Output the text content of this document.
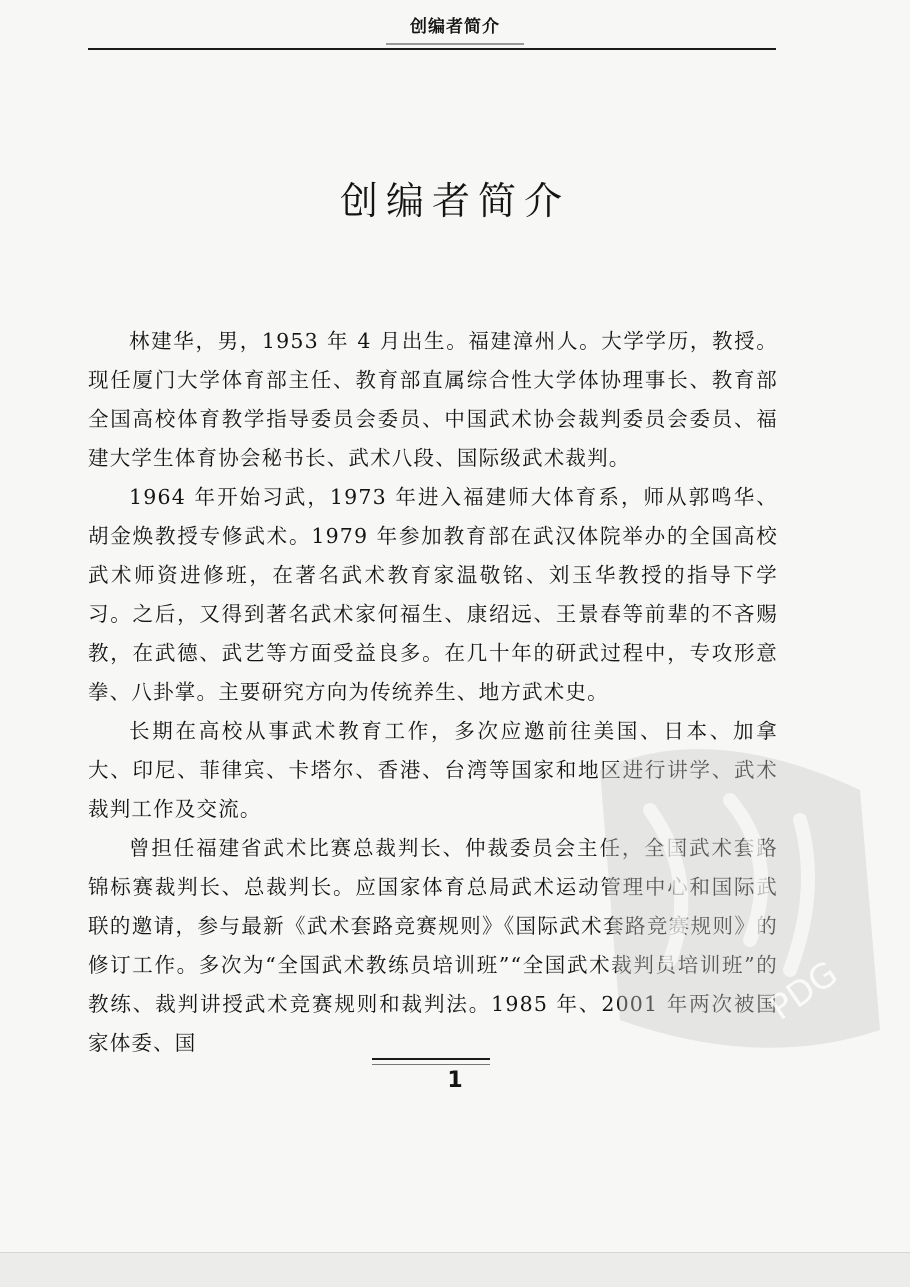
创编者简介
创编者简介

林建华，男，1953 年 4 月出生。福建漳州人。大学学历，教授。现任厦门大学体育部主任、教育部直属综合性大学体协理事长、教育部全国高校体育教学指导委员会委员、中国武术协会裁判委员会委员、福建大学生体育协会秘书长、武术八段、国际级武术裁判。

1964 年开始习武，1973 年进入福建师大体育系，师从郭鸣华、胡金焕教授专修武术。1979 年参加教育部在武汉体院举办的全国高校武术师资进修班，在著名武术教育家温敬铭、刘玉华教授的指导下学习。之后，又得到著名武术家何福生、康绍远、王景春等前辈的不吝赐教，在武德、武艺等方面受益良多。在几十年的研武过程中，专攻形意拳、八卦掌。主要研究方向为传统养生、地方武术史。

长期在高校从事武术教育工作，多次应邀前往美国、日本、加拿大、印尼、菲律宾、卡塔尔、香港、台湾等国家和地区进行讲学、武术裁判工作及交流。

曾担任福建省武术比赛总裁判长、仲裁委员会主任，全国武术套路锦标赛裁判长、总裁判长。应国家体育总局武术运动管理中心和国际武联的邀请，参与最新《武术套路竞赛规则》《国际武术套路竞赛规则》的修订工作。多次为“全国武术教练员培训班”“全国武术裁判员培训班”的教练、裁判讲授武术竞赛规则和裁判法。1985 年、2001 年两次被国家体委、国

PDG
1
